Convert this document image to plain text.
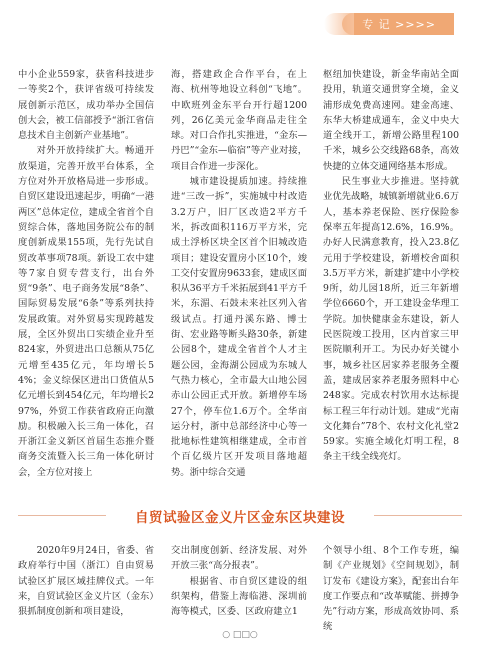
专 记 >>>>

中小企业559家，获省科技进步一等奖2个，获评省级可持续发展创新示范区，成功举办全国信创大会，被工信部授予“浙江省信息技术自主创新产业基地”。

对外开放持续扩大。畅通开放渠道，完善开放平台体系，全方位对外开放格局进一步形成。自贸区建设迅速起步，明确“一港两区”总体定位，建成全省首个自贸综合体，落地国务院公布的制度创新成果155项，先行先试自贸改革事项78项。新设工农中建等7家自贸专营支行，出台外贸“9条”、电子商务发展“8条”、国际贸易发展“6条”等系列扶持发展政策。对外贸易实现跨越发展，全区外贸出口实绩企业升至824家，外贸进出口总额从75亿元增至435亿元，年均增长54%；金义综保区进出口货值从5亿元增长到454亿元，年均增长297%，外贸工作获省政府正向激励。积极融入长三角一体化，召开浙江金义新区首届生态推介暨商务交流暨入长三角一体化研讨会，全方位对接上

海，搭建政企合作平台，在上海、杭州等地设立科创“飞地”。中欧班列金东平台开行超1200列，26亿美元金华商品走往全球。对口合作扎实推进，“金东—丹巴”“金东—临宿”等产业对接，项目合作进一步深化。

城市建设提质加速。持续推进“三改一拆”，实施城中村改造3.2万户，旧厂区改造2平方千米，拆改面积116万平方米，完成土浮桥区块全区首个旧城改造项目；建设安置房小区10个，竣工交付安置房9633套，建成区面积从36平方千米拓展到41平方千米，东湄、石鼓未来社区列入省级试点。打通丹溪东路、博士街、宏业路等断头路30条，新建公园8个，建成全省首个人才主题公园，金海湖公园成为东城人气热力核心，全市最大山地公园赤山公园正式开放。新增停车场27个，停车位1.6万个。全华亩运分村，浙中总部经济中心等一批地标性建筑相继建成，全市首个百亿级片区开发项目落地超势。浙中综合交通

枢纽加快建设，新金华南站全面投用，轨道交通贯穿全境，金义浦形成免费高速网。建金高速、东华大桥建成通车，金义中央大道全线开工，新增公路里程100千米，城乡公交线路68条，高效快捷的立体交通网络基本形成。

民生事业大步推进。坚持就业优先战略，城镇新增就业6.6万人，基本养老保险、医疗保险参保率五年提高12.6%，16.9%。办好人民满意教育，投入23.8亿元用于学校建设，新增校舍面积3.5万平方米，新建扩建中小学校9所，幼儿园18所，近三年新增学位6660个，开工建设金华理工学院。加快健康金东建设，新人民医院竣工投用，区内首家三甲医院顺利开工。为民办好关键小事，城乡社区居家养老服务全覆盖，建成居家养老服务照料中心248家。完成农村饮用水达标提标工程三年行动计划。建成“光南文化舞台”78个、农村文化礼堂259家。实施全域化灯明工程，8条主干线全线亮灯。

自贸试验区金义片区金东区块建设

2020年9月24日，省委、省政府举行中国（浙江）自由贸易试验区扩展区域挂牌仪式。一年来，自贸试验区金义片区（金东）狠抓制度创新和项目建设，

交出制度创新、经济发展、对外开放三张“高分报表”。

根据省、市自贸区建设的组织架构，借鉴上海临港、深圳前海等模式，区委、区政府建立1

个领导小组、8个工作专班，编制《产业规划》《空间规划》，制订发布《建设方案》，配套出台年度工作要点和“改革赋能、拼搏争先”行动方案，形成高效协同、系统

○ □□○
